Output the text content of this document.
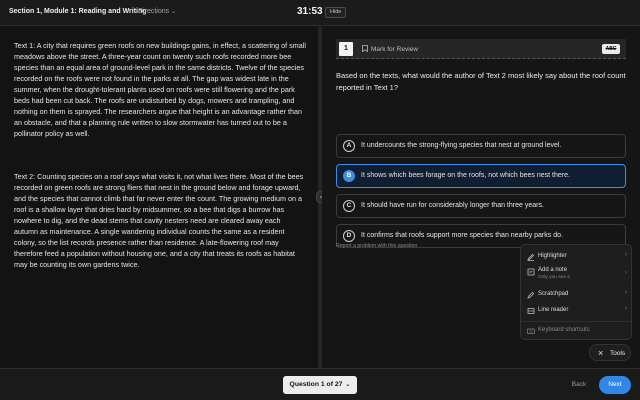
Section 1, Module 1: Reading and Writing
Directions ⌄	31:53	Hide
Text 1: A city that requires green roofs on new buildings gains, in effect, a scattering of small meadows above the street. A three-year count on twenty such roofs recorded more bee species than an equal area of ground-level park in the same districts. Twelve of the species recorded on the roofs were not found in the parks at all. The gap was widest late in the summer, when the drought-tolerant plants used on roofs were still flowering and the park beds had been cut back. The roofs are undisturbed by dogs, mowers and trampling, and nothing on them is sprayed. The researchers argue that height is an advantage rather than an obstacle, and that a planning rule written to slow stormwater has turned out to be a pollinator policy as well.
Text 2: Counting species on a roof says what visits it, not what lives there. Most of the bees recorded on green roofs are strong fliers that nest in the ground below and forage upward, and the species that cannot climb that far never enter the count. The growing medium on a roof is a shallow layer that dries hard by midsummer, so a bee that digs a burrow has nowhere to dig, and the dead stems that cavity nesters need are cleared away each autumn as maintenance. A single wandering individual counts the same as a resident colony, so the list records presence rather than residence. A late-flowering roof may therefore feed a population without housing one, and a city that treats its roofs as habitat may be counting its own gardens twice.
1	Mark for Review	ABC
Based on the texts, what would the author of Text 2 most likely say about the roof count reported in Text 1?
A	It undercounts the strong-flying species that nest at ground level.
B	It shows which bees forage on the roofs, not which bees nest there.
C	It should have run for considerably longer than three years.
D	It confirms that roofs support more species than nearby parks do.
Report a problem with this question
Highlighter	›
Add a note
Only you see it
›
Scratchpad	›
Line reader	›
Keyboard shortcuts
× Tools
Question 1 of 27 ⌄	Back	Next
